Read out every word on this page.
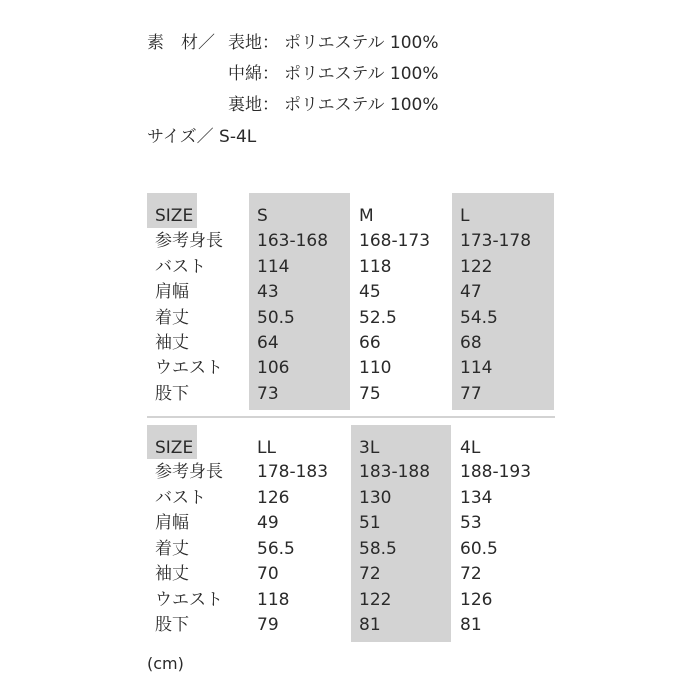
素　材／ 表地： ポリエステル 100%
中綿： ポリエステル 100%
裏地： ポリエステル 100%
サイズ／ S-4L
SIZE	S	M	L
参考身長 163-168 168-173 173-178
バスト	114	118	122
肩幅	43	45	47
着丈	50.5	52.5	54.5
袖丈	64	66	68
ウエスト 106	110	114
股下	73	75	77
SIZE	LL	3L	4L
参考身長 178-183 183-188 188-193
バスト	126	130	134
肩幅	49	51	53
着丈	56.5	58.5	60.5
袖丈	70	72	72
ウエスト 118	122	126
股下	79	81	81
(cm)
